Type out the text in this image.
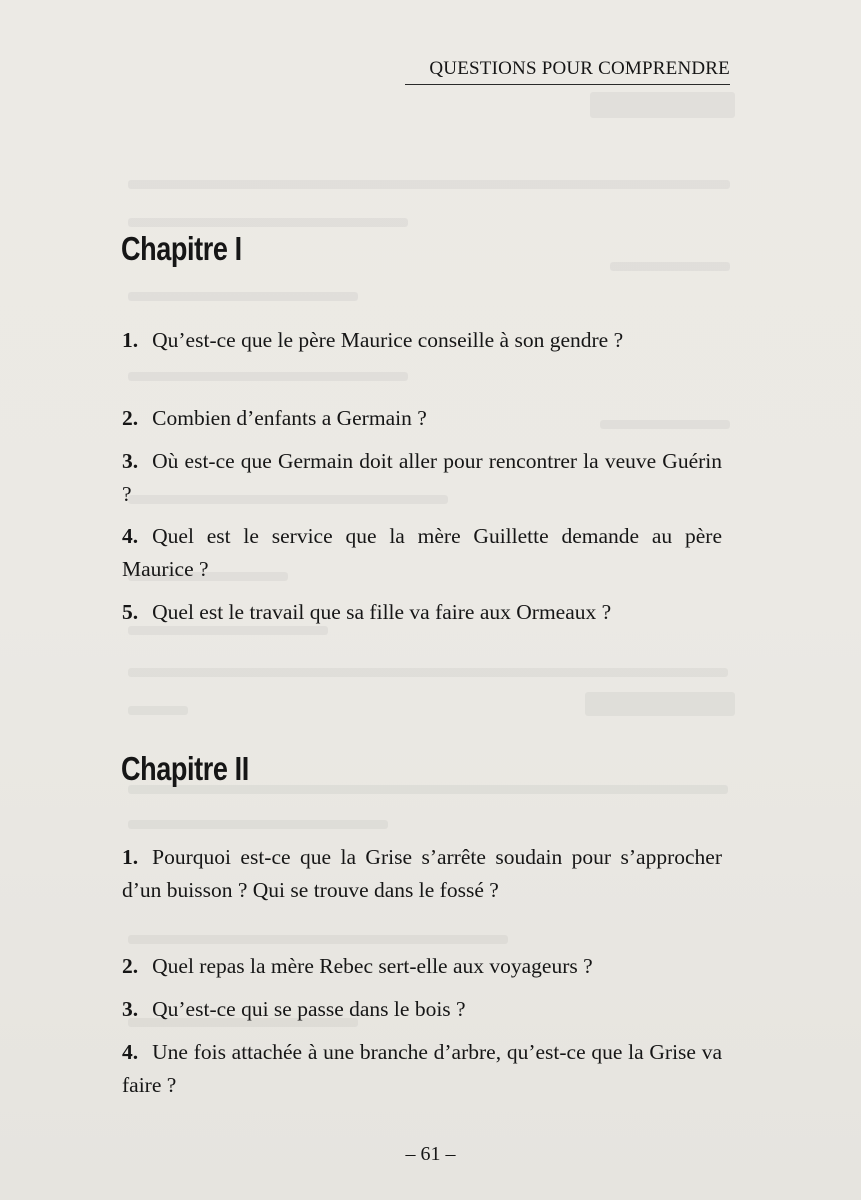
QUESTIONS POUR COMPRENDRE
Chapitre I
1. Qu’est-ce que le père Maurice conseille à son gendre ?
2. Combien d’enfants a Germain ?
3. Où est-ce que Germain doit aller pour rencontrer la veuve Guérin ?
4. Quel est le service que la mère Guillette demande au père Maurice ?
5. Quel est le travail que sa fille va faire aux Ormeaux ?
Chapitre II
1. Pourquoi est-ce que la Grise s’arrête soudain pour s’approcher d’un buisson ? Qui se trouve dans le fossé ?
2. Quel repas la mère Rebec sert-elle aux voyageurs ?
3. Qu’est-ce qui se passe dans le bois ?
4. Une fois attachée à une branche d’arbre, qu’est-ce que la Grise va faire ?
– 61 –
